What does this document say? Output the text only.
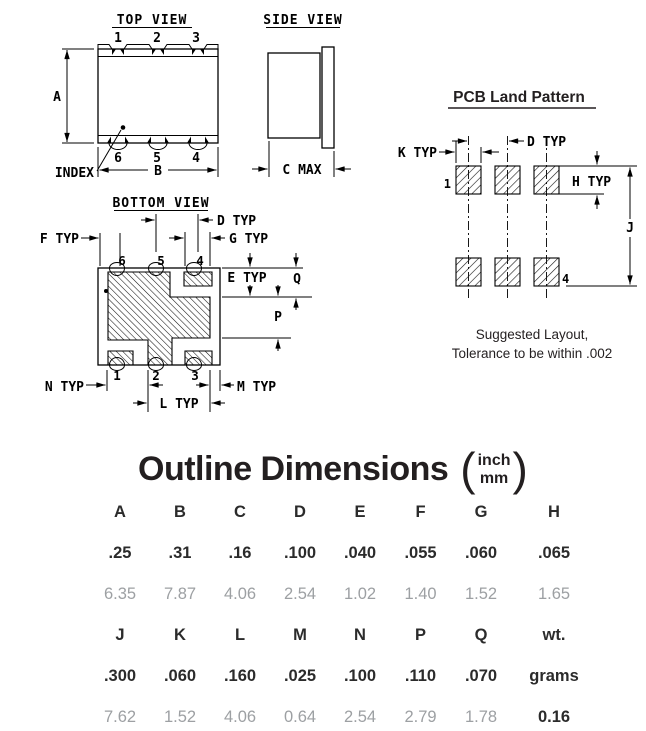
TOP VIEW
1 2 3
6 5 4
A
B
INDEX
SIDE VIEW
C MAX
PCB Land Pattern
1
4
K TYP
D TYP
H TYP
J
Suggested Layout,
Tolerance to be within .002
BOTTOM VIEW
6	5	4
1	2	3
D TYP
G TYP
F TYP
E TYP Q
P
N TYP	M TYP
L TYP
Outline Dimensions ( inch
mm )
A	B	C	D	E	F	G	H
.25	.31	.16	.100	.040	.055	.060	.065
6.35	7.87	4.06	2.54	1.02	1.40	1.52	1.65
J	K	L	M	N	P	Q	wt.
.300	.060	.160	.025	.100	.110	.070	grams
7.62	1.52	4.06	0.64	2.54	2.79	1.78	0.16
